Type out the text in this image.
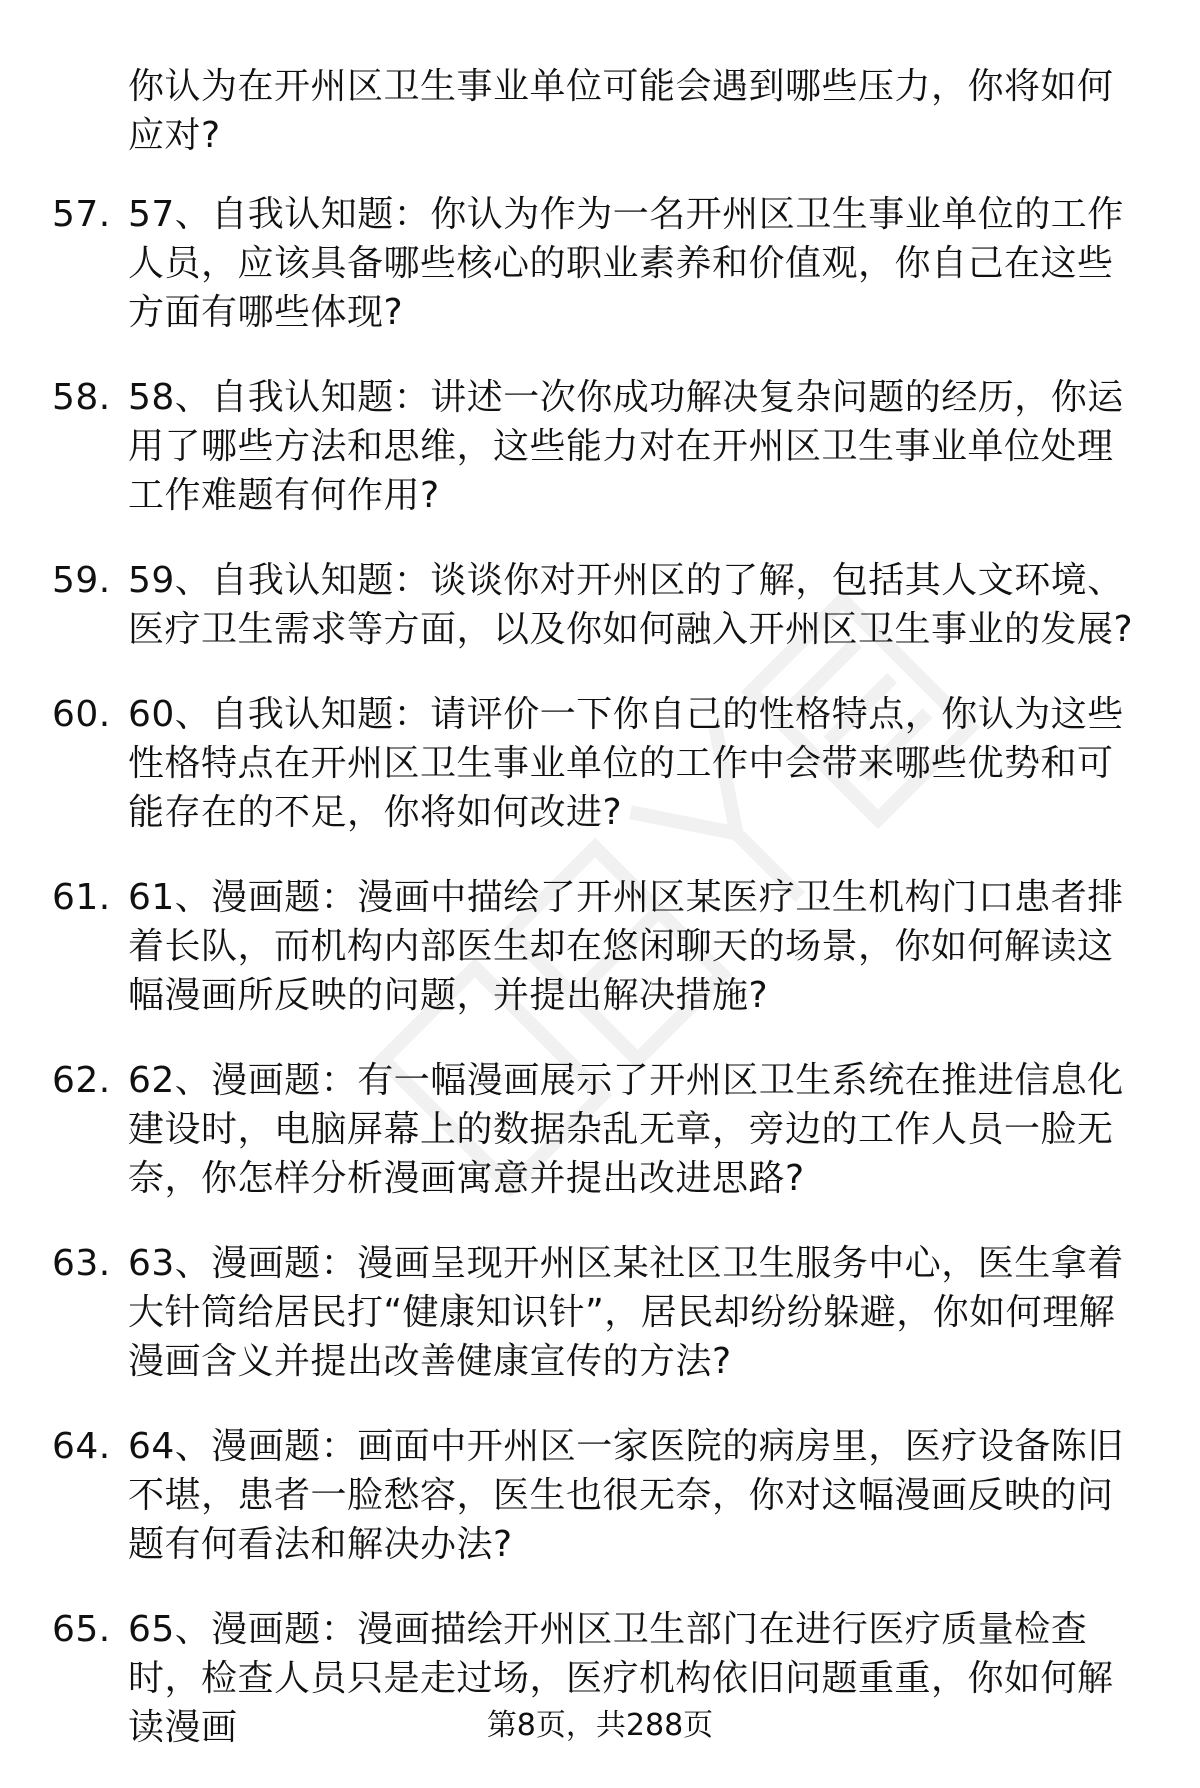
你认为在开州区卫生事业单位可能会遇到哪些压力，你将如何应对?
57. 57、自我认知题：你认为作为一名开州区卫生事业单位的工作人员，应该具备哪些核心的职业素养和价值观，你自己在这些方面有哪些体现?
58. 58、自我认知题：讲述一次你成功解决复杂问题的经历，你运用了哪些方法和思维，这些能力对在开州区卫生事业单位处理工作难题有何作用?
59. 59、自我认知题：谈谈你对开州区的了解，包括其人文环境、医疗卫生需求等方面，以及你如何融入开州区卫生事业的发展?
60. 60、自我认知题：请评价一下你自己的性格特点，你认为这些性格特点在开州区卫生事业单位的工作中会带来哪些优势和可能存在的不足，你将如何改进?
61. 61、漫画题：漫画中描绘了开州区某医疗卫生机构门口患者排着长队，而机构内部医生却在悠闲聊天的场景，你如何解读这幅漫画所反映的问题，并提出解决措施?
62. 62、漫画题：有一幅漫画展示了开州区卫生系统在推进信息化建设时，电脑屏幕上的数据杂乱无章，旁边的工作人员一脸无奈，你怎样分析漫画寓意并提出改进思路?
63. 63、漫画题：漫画呈现开州区某社区卫生服务中心，医生拿着大针筒给居民打“健康知识针”，居民却纷纷躲避，你如何理解漫画含义并提出改善健康宣传的方法?
64. 64、漫画题：画面中开州区一家医院的病房里，医疗设备陈旧不堪，患者一脸愁容，医生也很无奈，你对这幅漫画反映的问题有何看法和解决办法?
65. 65、漫画题：漫画描绘开州区卫生部门在进行医疗质量检查时，检查人员只是走过场，医疗机构依旧问题重重，你如何解读漫画	第8页，共288页
